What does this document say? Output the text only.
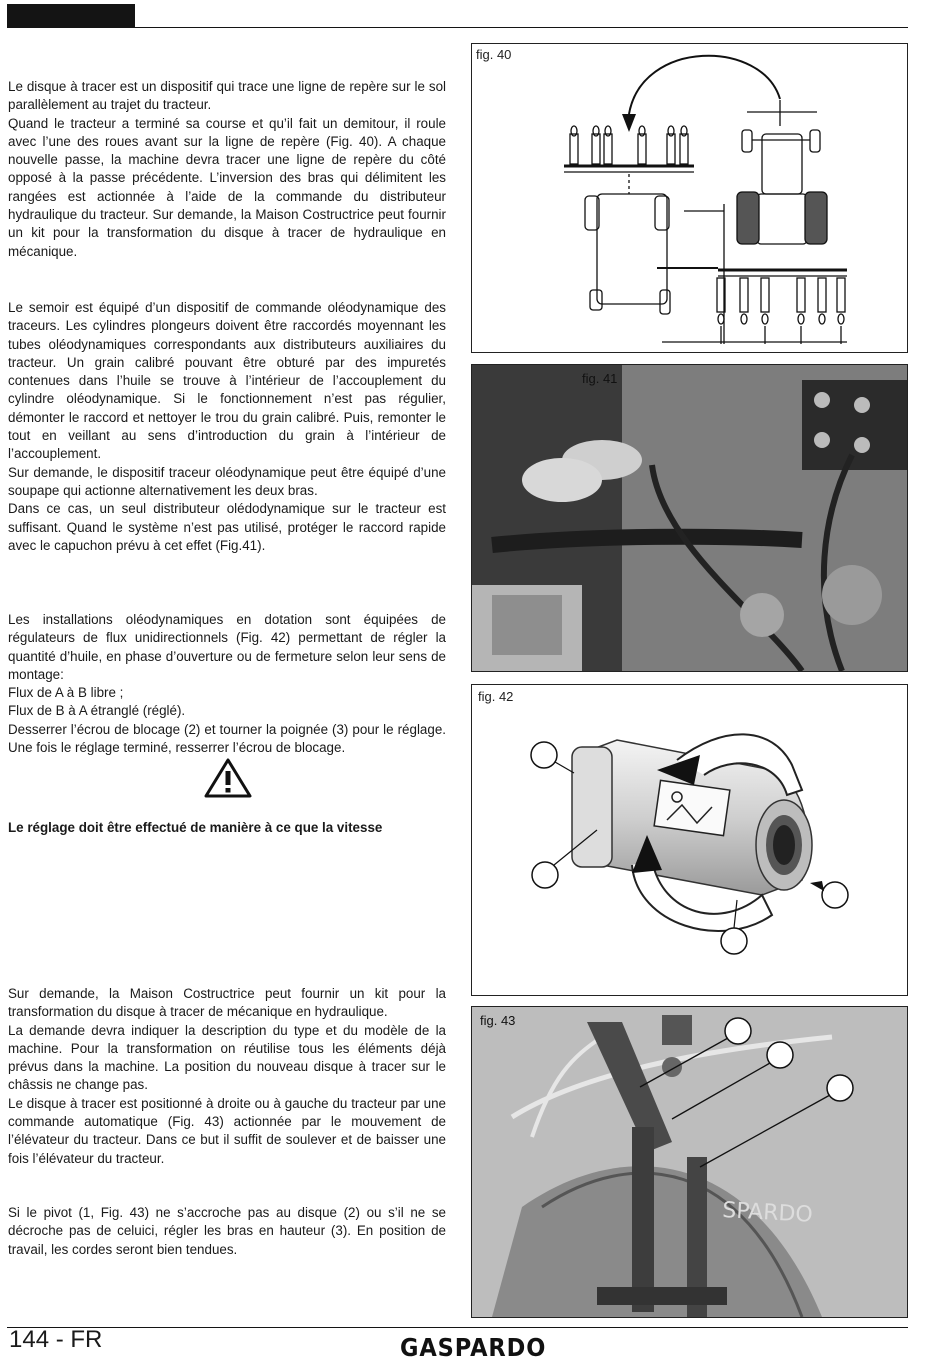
Le disque à tracer est un dispositif qui trace une ligne de repère sur le sol parallèlement au trajet du tracteur.
Quand le tracteur a terminé sa course et qu’il fait un demitour, il roule avec l’une des roues avant sur la ligne de repère (Fig. 40). A chaque nouvelle passe, la machine devra tracer une ligne de repère du côté opposé à la passe précédente. L’inversion des bras qui délimitent les rangées est actionnée à l’aide de la commande du distributeur hydraulique du tracteur. Sur demande, la Maison Costructrice peut fournir un kit pour la transformation du disque à tracer de hydraulique en mécanique.
Le semoir est équipé d’un dispositif de commande oléodynamique des traceurs. Les cylindres plongeurs doivent être raccordés moyennant les tubes oléodynamiques correspondants aux distributeurs auxiliaires du tracteur. Un grain calibré pouvant être obturé par des impuretés contenues dans l’huile se trouve à l’intérieur de l’accouplement du cylindre oléodynamique. Si le fonctionnement n’est pas régulier, démonter le raccord et nettoyer le trou du grain calibré. Puis, remonter le tout en veillant au sens d’introduction du grain à l’intérieur de l’accouplement.
Sur demande, le dispositif traceur oléodynamique peut être équipé d’une soupape qui actionne alternativement les deux bras.
Dans ce cas, un seul distributeur olédodynamique sur le tracteur est suffisant. Quand le système n’est pas utilisé, protéger le raccord rapide avec le capuchon prévu à cet effet (Fig.41).
Les installations oléodynamiques en dotation sont équipées de régulateurs de flux unidirectionnels (Fig. 42) permettant de régler la quantité d’huile, en phase d’ouverture ou de fermeture selon leur sens de montage:
Flux de A à B libre ;
Flux de B à A étranglé (réglé).
Desserrer l’écrou de blocage (2) et tourner la poignée (3) pour le réglage. Une fois le réglage terminé, resserrer l’écrou de blocage.
Le réglage doit être effectué de manière à ce que la vitesse
Sur demande, la Maison Costructrice peut fournir un kit pour la transformation du disque à tracer de mécanique en hydraulique.
La demande devra indiquer la description du type et du modèle de la machine. Pour la transformation on réutilise tous les éléments déjà prévus dans la machine. La position du nouveau disque à tracer sur le châssis ne change pas.
Le disque à tracer est positionné à droite ou à gauche du tracteur par une commande automatique (Fig. 43) actionnée par le mouvement de l’élévateur du tracteur. Dans ce but il suffit de soulever et de baisser une fois l’élévateur du tracteur.
Si le pivot (1, Fig. 43) ne s’accroche pas au disque (2) ou s’il ne se décroche pas de celuici, régler les bras en hauteur (3). En position de travail, les cordes seront bien tendues.
fig. 40
fig. 41
fig. 42
SPARDO
fig. 43
144 - FR	GASPARDO
